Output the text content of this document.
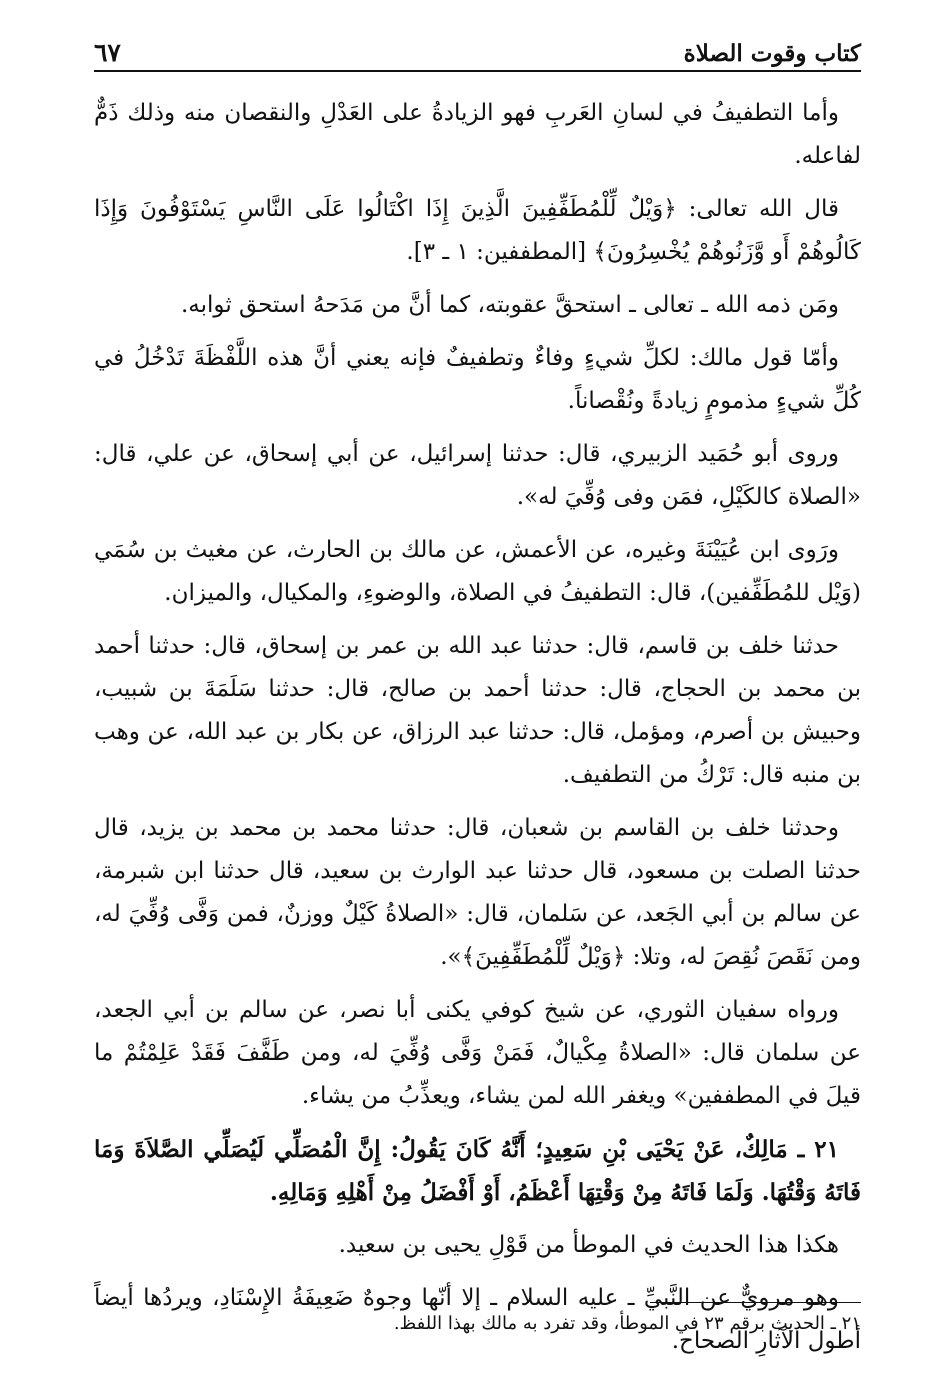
كتاب وقوت الصلاة
٦٧

وأما التطفيفُ في لسانِ العَربِ فهو الزيادةُ على العَدْلِ والنقصان منه وذلك ذَمٌّ لفاعله.

قال الله تعالى: ﴿وَيْلٌ لِّلْمُطَفِّفِينَ الَّذِينَ إِذَا اكْتَالُوا عَلَى النَّاسِ يَسْتَوْفُونَ وَإِذَا كَالُوهُمْ أَو وَّزَنُوهُمْ يُخْسِرُونَ﴾ [المطففين: ١ ـ ٣].

ومَن ذمه الله ـ تعالى ـ استحقَّ عقوبته، كما أنَّ من مَدَحهُ استحق ثوابه.

وأمّا قول مالك: لكلِّ شيءٍ وفاءٌ وتطفيفٌ فإنه يعني أنَّ هذه اللَّفْظَةَ تَدْخُلُ في كُلِّ شيءٍ مذمومٍ زيادةً ونُقْصاناً.

وروى أبو حُمَيد الزبيري، قال: حدثنا إسرائيل، عن أبي إسحاق، عن علي، قال: «الصلاة كالكَيْلِ، فمَن وفى وُفِّيَ له».

ورَوى ابن عُيَيْنَةَ وغيره، عن الأعمش، عن مالك بن الحارث، عن مغيث بن سُمَي (وَيْل للمُطَفِّفين)، قال: التطفيفُ في الصلاة، والوضوءِ، والمكيال، والميزان.

حدثنا خلف بن قاسم، قال: حدثنا عبد الله بن عمر بن إسحاق، قال: حدثنا أحمد بن محمد بن الحجاج، قال: حدثنا أحمد بن صالح، قال: حدثنا سَلَمَةَ بن شبيب، وحبيش بن أصرم، ومؤمل، قال: حدثنا عبد الرزاق، عن بكار بن عبد الله، عن وهب بن منبه قال: تَرْكُ من التطفيف.

وحدثنا خلف بن القاسم بن شعبان، قال: حدثنا محمد بن محمد بن يزيد، قال حدثنا الصلت بن مسعود، قال حدثنا عبد الوارث بن سعيد، قال حدثنا ابن شبرمة، عن سالم بن أبي الجَعد، عن سَلمان، قال: «الصلاةُ كَيْلٌ ووزنٌ، فمن وَفَّى وُفِّيَ له، ومن نَقَصَ نُقِصَ له، وتلا: ﴿وَيْلٌ لِّلْمُطَفِّفِينَ﴾».

ورواه سفيان الثوري، عن شيخ كوفي يكنى أبا نصر، عن سالم بن أبي الجعد، عن سلمان قال: «الصلاةُ مِكْيالٌ، فَمَنْ وَفَّى وُفِّيَ له، ومن طَفَّفَ فَقَدْ عَلِمْتُمْ ما قيلَ في المطففين» ويغفر الله لمن يشاء، ويعذِّبُ من يشاء.

٢١ ـ مَالِكٌ، عَنْ يَحْيَى بْنِ سَعِيدٍ؛ أَنَّهُ كَانَ يَقُولُ: إِنَّ الْمُصَلِّي لَيُصَلِّي الصَّلاَةَ وَمَا فَاتَهُ وَقْتُهَا. وَلَمَا فَاتَهُ مِنْ وَقْتِهَا أَعْظَمُ، أَوْ أَفْضَلُ مِنْ أَهْلِهِ وَمَالِهِ.

هكذا هذا الحديث في الموطأ من قَوْلِ يحيى بن سعيد.

وهو مرويٌّ عن النَّبيِّ ـ عليه السلام ـ إلا أنّها وجوهٌ ضَعِيفَةُ الإِسْنَادِ، ويردُها أيضاً أطول الآثارِ الصحاح.

٢١ ـ الحديث برقم ٢٣ في الموطأ، وقد تفرد به مالك بهذا اللفظ.
